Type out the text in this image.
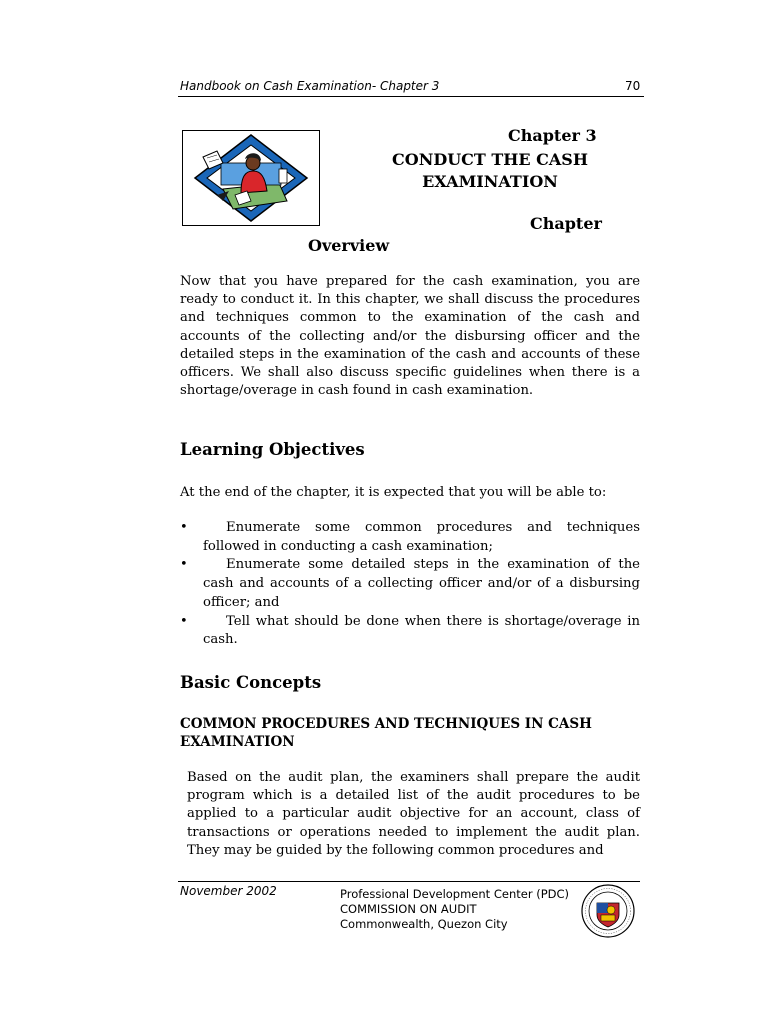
Handbook on Cash Examination- Chapter 3	70
Chapter 3
CONDUCT THE CASH EXAMINATION
Chapter
Overview

Now that you have prepared for the cash examination, you are ready to conduct it. In this chapter, we shall discuss the procedures and techniques common to the examination of the cash and accounts of the collecting and/or the disbursing officer and the detailed steps in the examination of the cash and accounts of these officers. We shall also discuss specific guidelines when there is a shortage/overage in cash found in cash examination.

Learning Objectives

At the end of the chapter, it is expected that you will be able to:

•	Enumerate some common procedures and techniques followed in conducting a cash examination;
•	Enumerate some detailed steps in the examination of the cash and accounts of a collecting officer and/or of a disbursing officer; and
•	Tell what should be done when there is shortage/overage in cash.
Basic Concepts
COMMON PROCEDURES AND TECHNIQUES IN CASH EXAMINATION

Based on the audit plan, the examiners shall prepare the audit program which is a detailed list of the audit procedures to be applied to a particular audit objective for an account, class of transactions or operations needed to implement the audit plan. They may be guided by the following common procedures and

November 2002	Professional Development Center (PDC)
COMMISSION ON AUDIT
Commonwealth, Quezon City
